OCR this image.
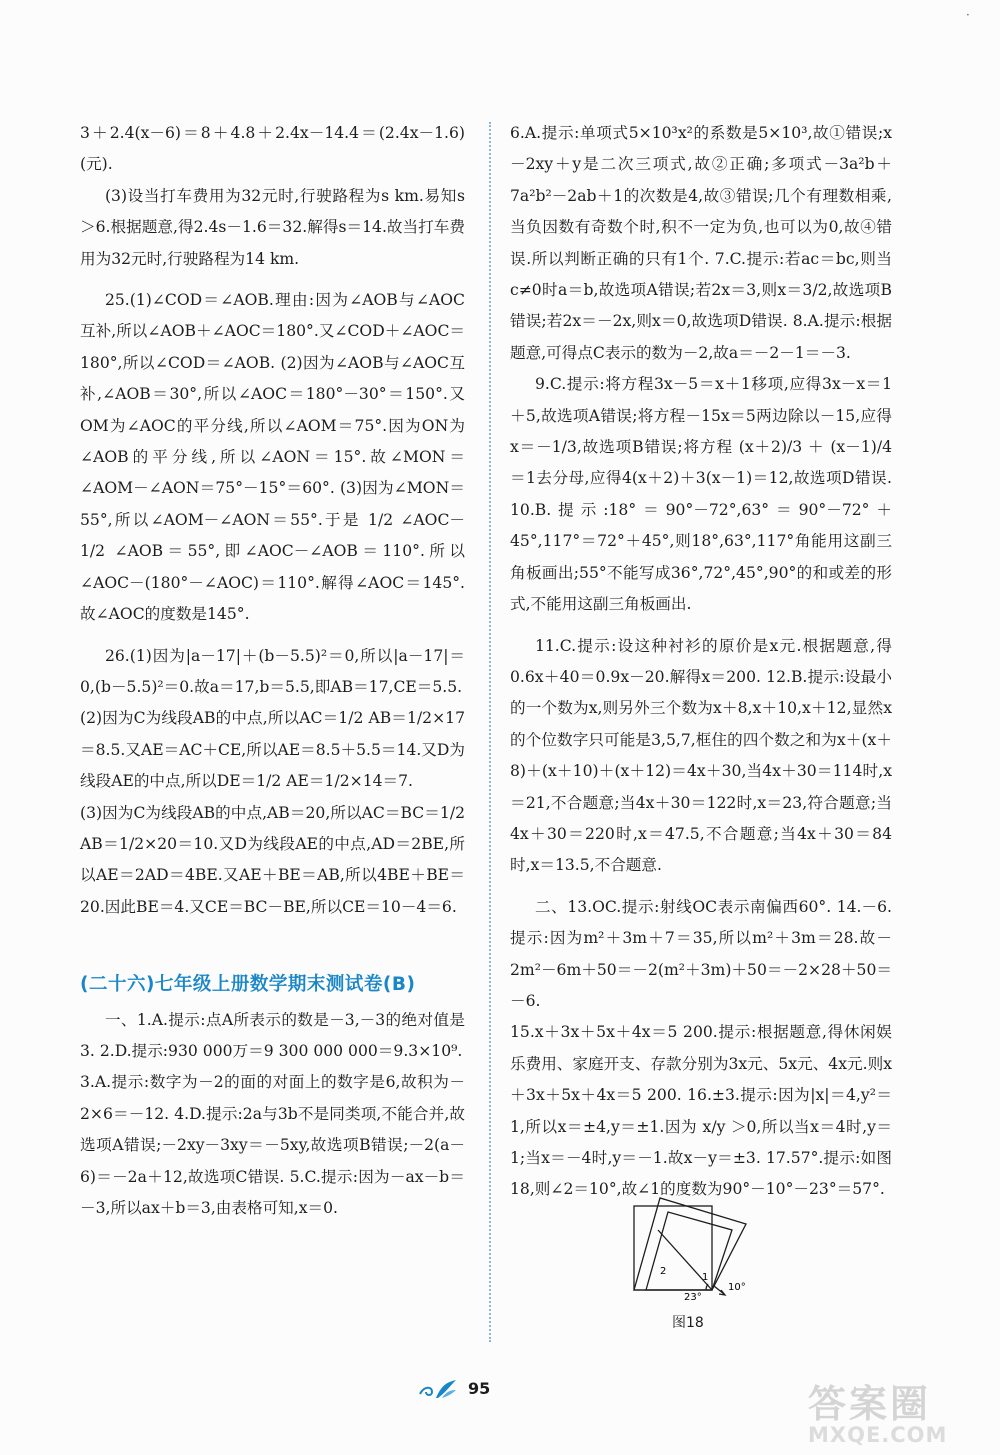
·

3＋2.4(x－6)＝8＋4.8＋2.4x－14.4＝(2.4x－1.6)(元).

(3)设当打车费用为32元时,行驶路程为s km.易知s＞6.根据题意,得2.4s－1.6＝32.解得s＝14.故当打车费用为32元时,行驶路程为14 km.

25.(1)∠COD＝∠AOB.理由:因为∠AOB与∠AOC互补,所以∠AOB＋∠AOC＝180°.又∠COD＋∠AOC＝180°,所以∠COD＝∠AOB. (2)因为∠AOB与∠AOC互补,∠AOB＝30°,所以∠AOC＝180°－30°＝150°.又OM为∠AOC的平分线,所以∠AOM＝75°.因为ON为∠AOB的平分线,所以∠AON＝15°.故∠MON＝∠AOM－∠AON＝75°－15°＝60°. (3)因为∠MON＝55°,所以∠AOM－∠AON＝55°.于是 1/2 ∠AOC－1/2 ∠AOB＝55°,即∠AOC－∠AOB＝110°.所以∠AOC－(180°－∠AOC)＝110°.解得∠AOC＝145°.故∠AOC的度数是145°.

26.(1)因为|a－17|＋(b－5.5)²＝0,所以|a－17|＝0,(b－5.5)²＝0.故a＝17,b＝5.5,即AB＝17,CE＝5.5.

(2)因为C为线段AB的中点,所以AC＝1/2 AB＝1/2×17＝8.5.又AE＝AC＋CE,所以AE＝8.5＋5.5＝14.又D为线段AE的中点,所以DE＝1/2 AE＝1/2×14＝7.

(3)因为C为线段AB的中点,AB＝20,所以AC＝BC＝1/2 AB＝1/2×20＝10.又D为线段AE的中点,AD＝2BE,所以AE＝2AD＝4BE.又AE＋BE＝AB,所以4BE＋BE＝20.因此BE＝4.又CE＝BC－BE,所以CE＝10－4＝6.

(二十六)七年级上册数学期末测试卷(B)

一、1.A.提示:点A所表示的数是－3,－3的绝对值是3. 2.D.提示:930 000万＝9 300 000 000＝9.3×10⁹.

3.A.提示:数字为－2的面的对面上的数字是6,故积为－2×6＝－12. 4.D.提示:2a与3b不是同类项,不能合并,故选项A错误;－2xy－3xy＝－5xy,故选项B错误;－2(a－6)＝－2a＋12,故选项C错误. 5.C.提示:因为－ax－b＝－3,所以ax＋b＝3,由表格可知,x＝0.

6.A.提示:单项式5×10³x²的系数是5×10³,故①错误;x－2xy＋y是二次三项式,故②正确;多项式－3a²b＋7a²b²－2ab＋1的次数是4,故③错误;几个有理数相乘,当负因数有奇数个时,积不一定为负,也可以为0,故④错误.所以判断正确的只有1个. 7.C.提示:若ac＝bc,则当c≠0时a＝b,故选项A错误;若2x＝3,则x＝3/2,故选项B错误;若2x＝－2x,则x＝0,故选项D错误. 8.A.提示:根据题意,可得点C表示的数为－2,故a＝－2－1＝－3.

9.C.提示:将方程3x－5＝x＋1移项,应得3x－x＝1＋5,故选项A错误;将方程－15x＝5两边除以－15,应得x＝－1/3,故选项B错误;将方程 (x＋2)/3 ＋ (x－1)/4 ＝1去分母,应得4(x＋2)＋3(x－1)＝12,故选项D错误. 10.B.提示:18°＝90°－72°,63°＝90°－72°＋45°,117°＝72°＋45°,则18°,63°,117°角能用这副三角板画出;55°不能写成36°,72°,45°,90°的和或差的形式,不能用这副三角板画出.

11.C.提示:设这种衬衫的原价是x元.根据题意,得0.6x＋40＝0.9x－20.解得x＝200. 12.B.提示:设最小的一个数为x,则另外三个数为x＋8,x＋10,x＋12,显然x的个位数字只可能是3,5,7,框住的四个数之和为x＋(x＋8)＋(x＋10)＋(x＋12)＝4x＋30,当4x＋30＝114时,x＝21,不合题意;当4x＋30＝122时,x＝23,符合题意;当4x＋30＝220时,x＝47.5,不合题意;当4x＋30＝84时,x＝13.5,不合题意.

二、13.OC.提示:射线OC表示南偏西60°. 14.－6.提示:因为m²＋3m＋7＝35,所以m²＋3m＝28.故－2m²－6m＋50＝－2(m²＋3m)＋50＝－2×28＋50＝－6.

15.x＋3x＋5x＋4x＝5 200.提示:根据题意,得休闲娱乐费用、家庭开支、存款分别为3x元、5x元、4x元.则x＋3x＋5x＋4x＝5 200. 16.±3.提示:因为|x|＝4,y²＝1,所以x＝±4,y＝±1.因为 x/y ＞0,所以当x＝4时,y＝1;当x＝－4时,y＝－1.故x－y＝±3. 17.57°.提示:如图18,则∠2＝10°,故∠1的度数为90°－10°－23°＝57°.

2
1
23°
10°
图18
95	答案圈
MXQE.COM
